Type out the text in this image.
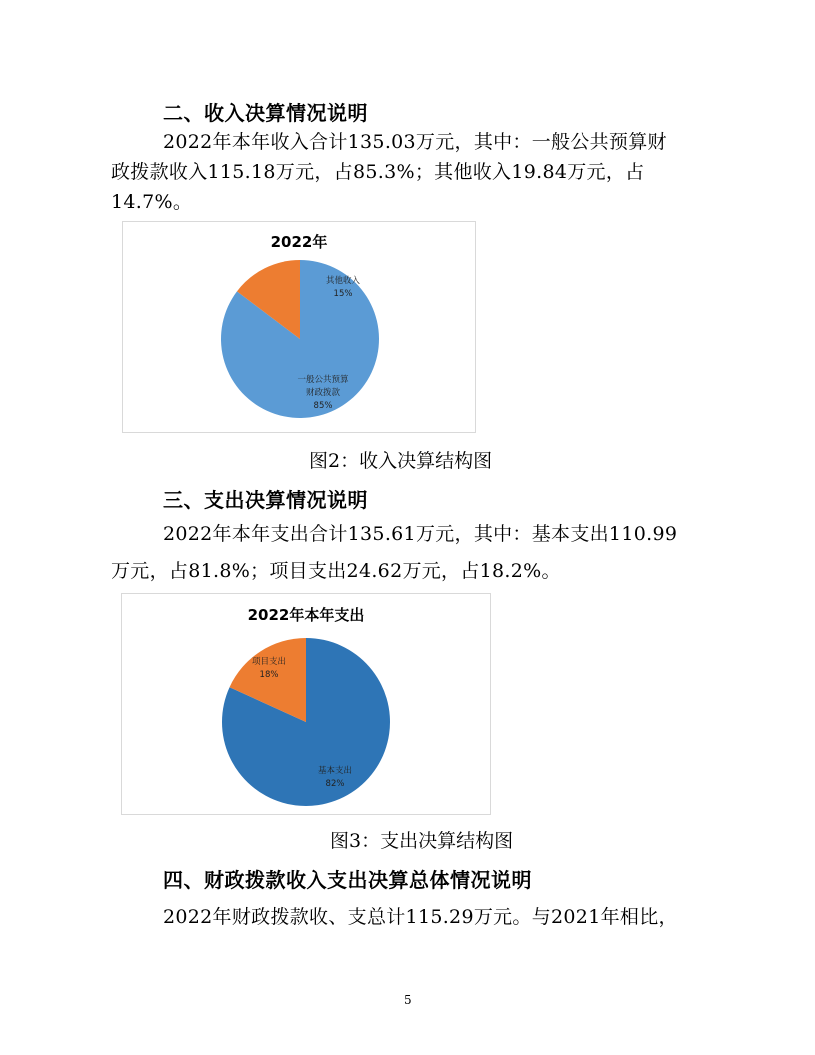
二、收入决算情况说明
2022年本年收入合计135.03万元，其中：一般公共预算财
政拨款收入115.18万元，占85.3%；其他收入19.84万元，占
14.7%。
2022年
其他收入
15%
一般公共预算
财政拨款
85%
图2：收入决算结构图
三、支出决算情况说明
2022年本年支出合计135.61万元，其中：基本支出110.99
万元，占81.8%；项目支出24.62万元，占18.2%。
2022年本年支出
项目支出
18%
基本支出
82%
图3：支出决算结构图
四、财政拨款收入支出决算总体情况说明
2022年财政拨款收、支总计115.29万元。与2021年相比，
5
